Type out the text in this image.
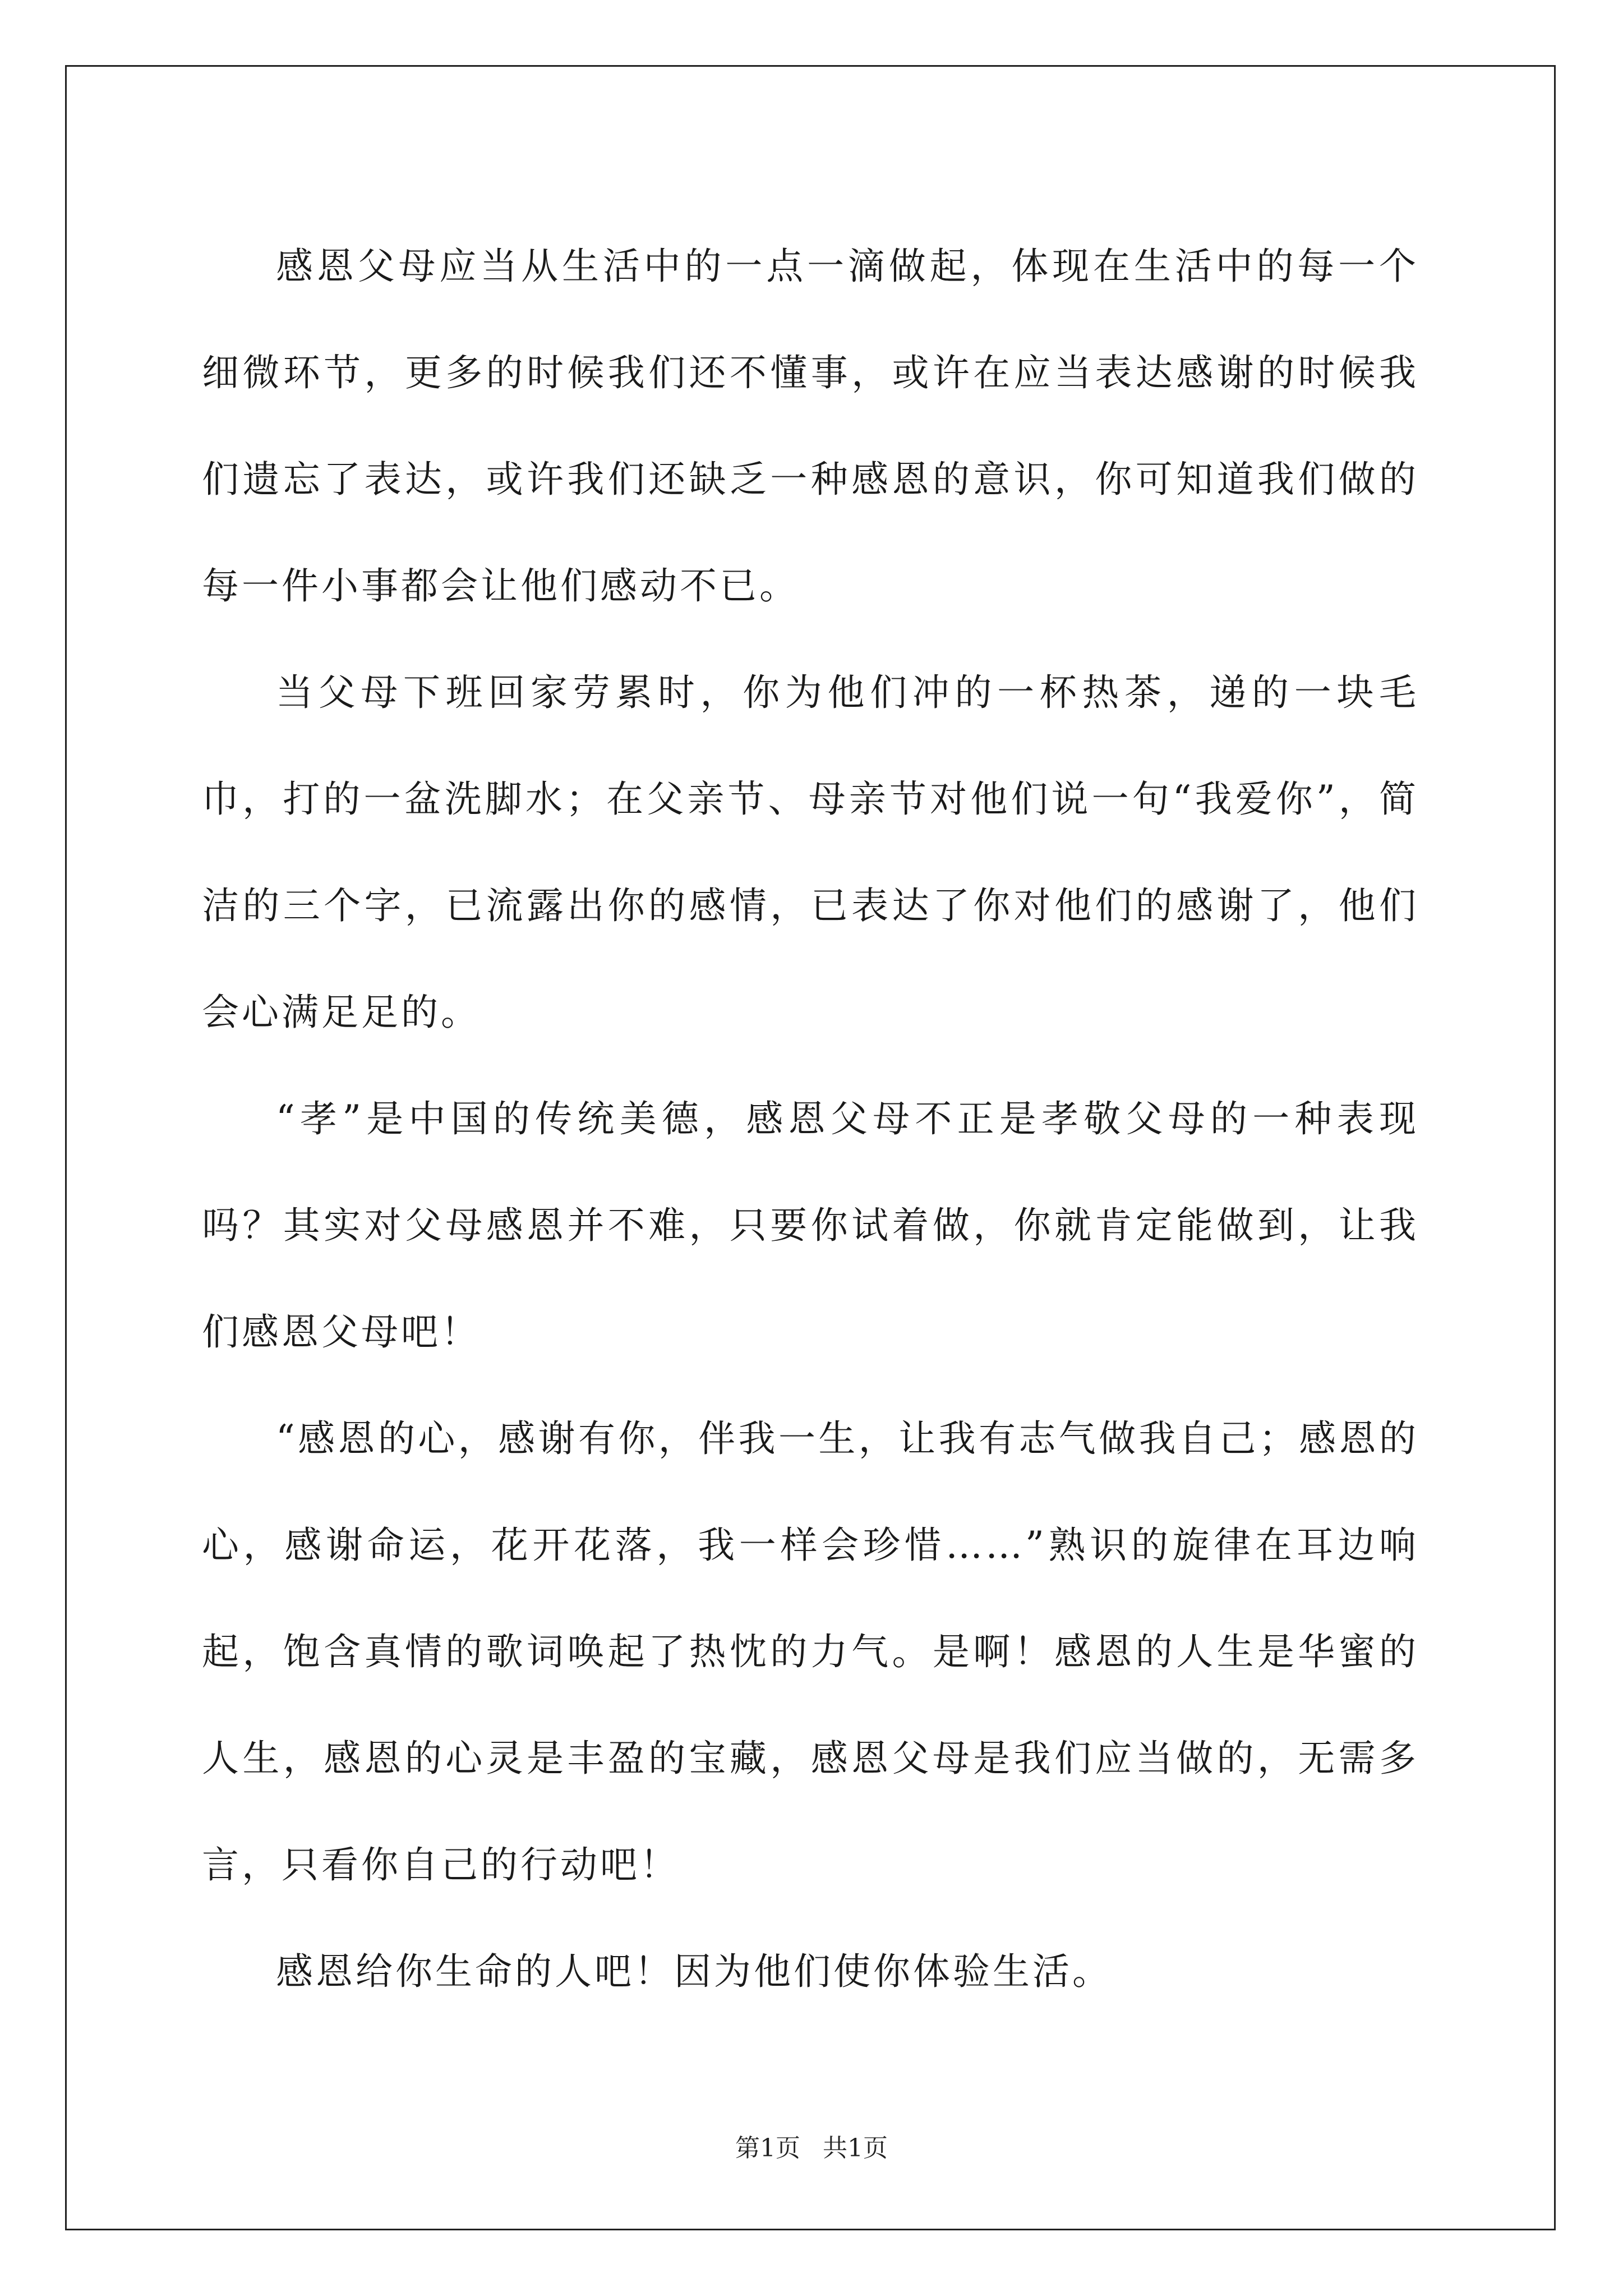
感恩父母应当从生活中的一点一滴做起，体现在生活中的每一个细微环节，更多的时候我们还不懂事，或许在应当表达感谢的时候我们遗忘了表达，或许我们还缺乏一种感恩的意识，你可知道我们做的每一件小事都会让他们感动不已。

当父母下班回家劳累时，你为他们冲的一杯热茶，递的一块毛巾，打的一盆洗脚水；在父亲节、母亲节对他们说一句“我爱你”，简洁的三个字，已流露出你的感情，已表达了你对他们的感谢了，他们会心满足足的。

“孝”是中国的传统美德，感恩父母不正是孝敬父母的一种表现吗？其实对父母感恩并不难，只要你试着做，你就肯定能做到，让我们感恩父母吧！

“感恩的心，感谢有你，伴我一生，让我有志气做我自己；感恩的心，感谢命运，花开花落，我一样会珍惜……”熟识的旋律在耳边响起，饱含真情的歌词唤起了热忱的力气。是啊！感恩的人生是华蜜的人生，感恩的心灵是丰盈的宝藏，感恩父母是我们应当做的，无需多言，只看你自己的行动吧！

感恩给你生命的人吧！因为他们使你体验生活。

第1页 共1页
